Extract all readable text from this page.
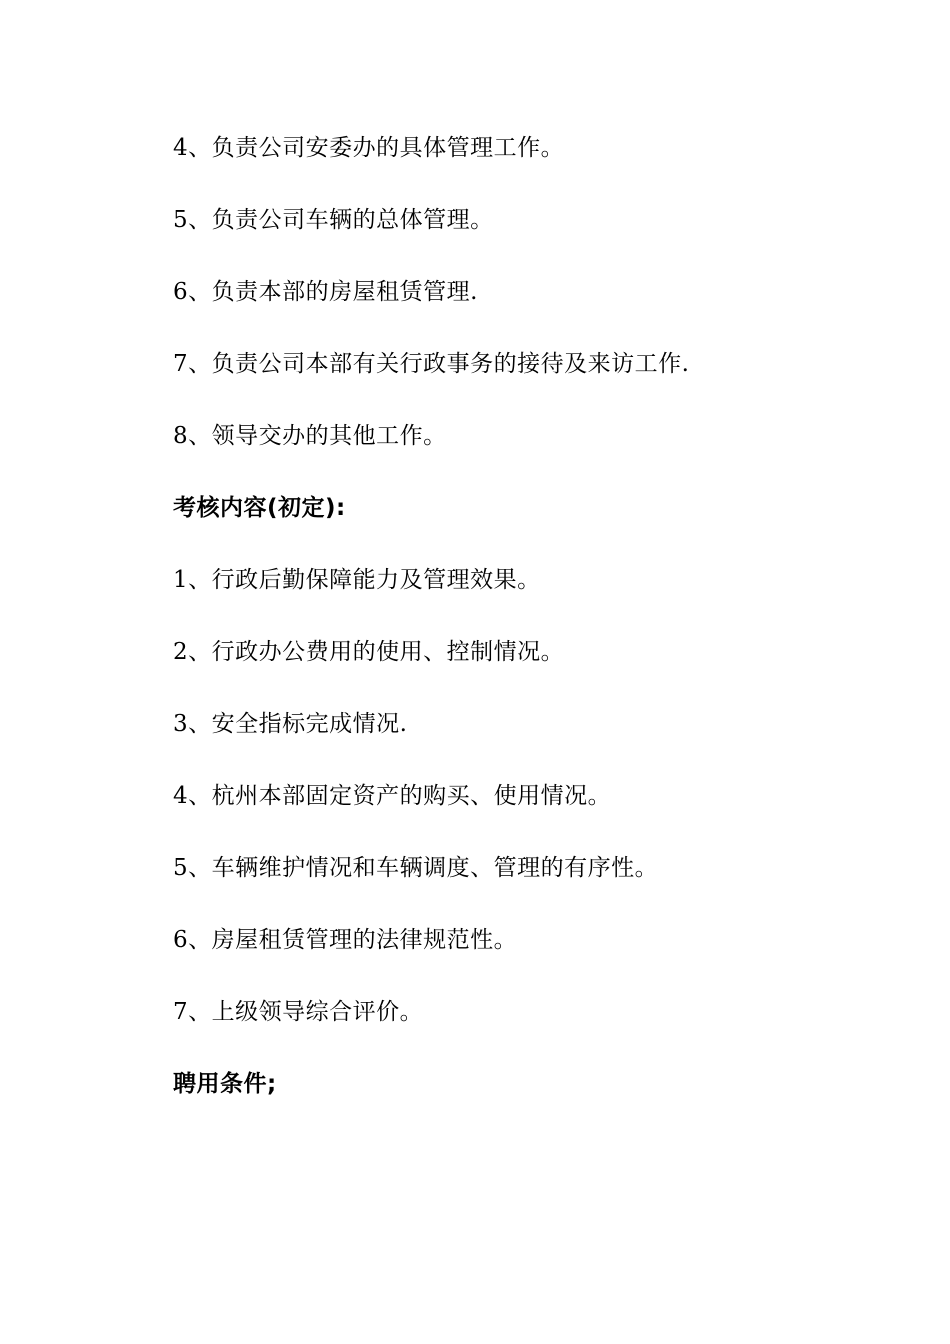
4、负责公司安委办的具体管理工作。

5、负责公司车辆的总体管理。

6、负责本部的房屋租赁管理.

7、负责公司本部有关行政事务的接待及来访工作.

8、领导交办的其他工作。

考核内容(初定):

1、行政后勤保障能力及管理效果。

2、行政办公费用的使用、控制情况。

3、安全指标完成情况.

4、杭州本部固定资产的购买、使用情况。

5、车辆维护情况和车辆调度、管理的有序性。

6、房屋租赁管理的法律规范性。

7、上级领导综合评价。

聘用条件;
